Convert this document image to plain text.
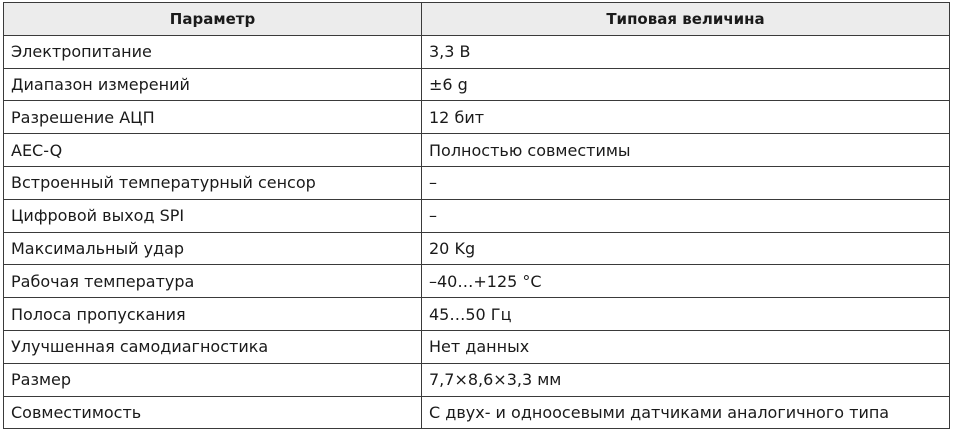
Параметр	Типовая величина
Электропитание	3,3 В
Диапазон измерений	±6 g
Разрешение АЦП	12 бит
AEC-Q	Полностью совместимы
Встроенный температурный сенсор	–
Цифровой выход SPI	–
Максимальный удар	20 Kg
Рабочая температура	–40…+125 °C
Полоса пропускания	45…50 Гц
Улучшенная самодиагностика	Нет данных
Размер	7,7×8,6×3,3 мм
Совместимость	С двух- и одноосевыми датчиками аналогичного типа
